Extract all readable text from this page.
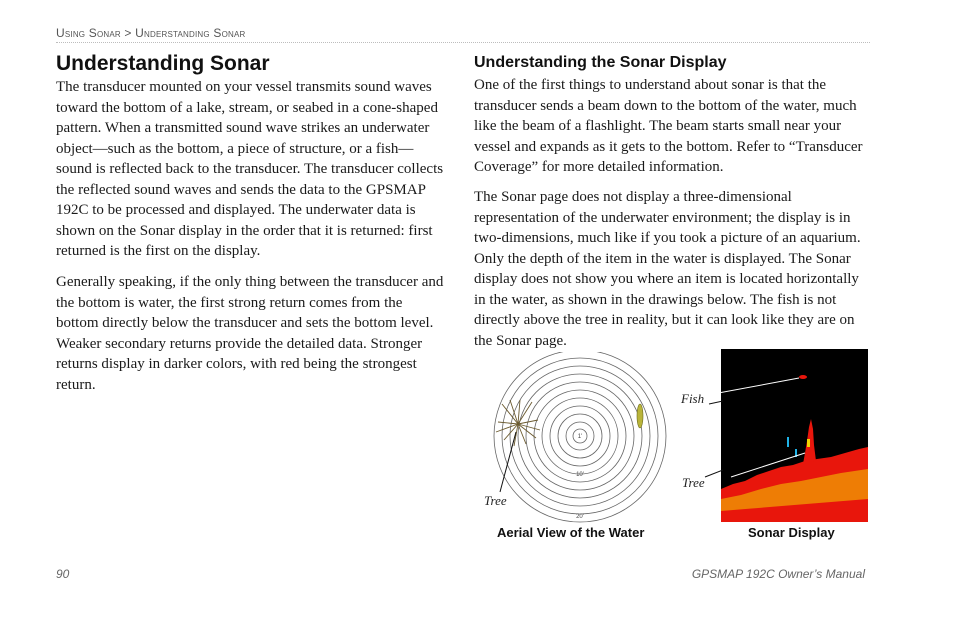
Using Sonar > Understanding Sonar
Understanding Sonar

The transducer mounted on your vessel transmits sound waves toward the bottom of a lake, stream, or seabed in a cone-shaped pattern. When a transmitted sound wave strikes an underwater object—such as the bottom, a piece of structure, or a fish—sound is reflected back to the transducer. The transducer collects the reflected sound waves and sends the data to the GPSMAP 192C to be processed and displayed. The underwater data is shown on the Sonar display in the order that it is returned: first returned is the first on the display.

Generally speaking, if the only thing between the transducer and the bottom is water, the first strong return comes from the bottom directly below the transducer and sets the bottom level. Weaker secondary returns provide the detailed data. Stronger returns display in darker colors, with red being the strongest return.

Understanding the Sonar Display

One of the first things to understand about sonar is that the transducer sends a beam down to the bottom of the water, much like the beam of a flashlight. The beam starts small near your vessel and expands as it gets to the bottom. Refer to “Transducer Coverage” for more detailed information.

The Sonar page does not display a three-dimensional representation of the underwater environment; the display is in two-dimensions, much like if you took a picture of an aquarium. Only the depth of the item in the water is displayed. The Sonar display does not show you where an item is located horizontally in the water, as shown in the drawings below. The fish is not directly above the tree in reality, but it can look like they are on the Sonar page.

1'
10'
20'
Tree
Fish
Tree
Aerial View of the Water	Sonar Display
90	GPSMAP 192C Owner’s Manual
